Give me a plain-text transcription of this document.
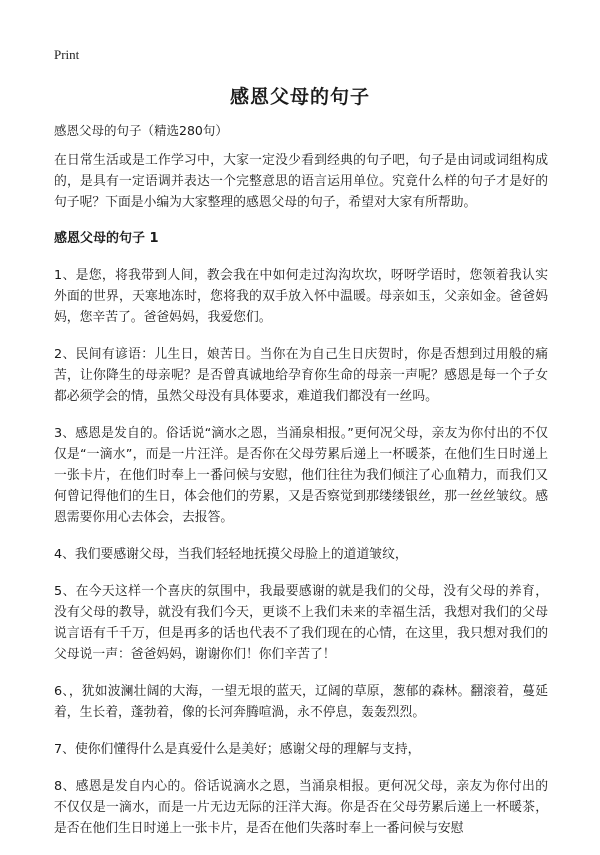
Print
感恩父母的句子

感恩父母的句子（精选280句）

在日常生活或是工作学习中，大家一定没少看到经典的句子吧，句子是由词或词组构成的，是具有一定语调并表达一个完整意思的语言运用单位。究竟什么样的句子才是好的句子呢？下面是小编为大家整理的感恩父母的句子，希望对大家有所帮助。

感恩父母的句子 1

1、是您，将我带到人间，教会我在中如何走过沟沟坎坎，呀呀学语时，您领着我认实外面的世界，天寒地冻时，您将我的双手放入怀中温暖。母亲如玉，父亲如金。爸爸妈妈，您辛苦了。爸爸妈妈，我爱您们。

2、民间有谚语：儿生日，娘苦日。当你在为自己生日庆贺时，你是否想到过用般的痛苦，让你降生的母亲呢？是否曾真诚地给孕育你生命的母亲一声呢？感恩是每一个子女都必须学会的情，虽然父母没有具体要求，难道我们都没有一丝吗。

3、感恩是发自的。俗话说“滴水之恩，当涌泉相报。”更何况父母，亲友为你付出的不仅仅是“一滴水”，而是一片汪洋。是否你在父母劳累后递上一杯暖茶，在他们生日时递上一张卡片，在他们时奉上一番问候与安慰，他们往往为我们倾注了心血精力，而我们又何曾记得他们的生日，体会他们的劳累，又是否察觉到那缕缕银丝，那一丝丝皱纹。感恩需要你用心去体会，去报答。

4、我们要感谢父母，当我们轻轻地抚摸父母脸上的道道皱纹，

5、在今天这样一个喜庆的氛围中，我最要感谢的就是我们的父母，没有父母的养育，没有父母的教导，就没有我们今天，更谈不上我们未来的幸福生活，我想对我们的父母说言语有千千万，但是再多的话也代表不了我们现在的心情，在这里，我只想对我们的父母说一声：爸爸妈妈，谢谢你们！你们辛苦了！

6、，犹如波澜壮阔的大海，一望无垠的蓝天，辽阔的草原，葱郁的森林。翻滚着，蔓延着，生长着，蓬勃着，像的长河奔腾喧渦，永不停息，轰轰烈烈。

7、使你们懂得什么是真爱什么是美好；感谢父母的理解与支持，

8、感恩是发自内心的。俗话说滴水之恩，当涌泉相报。更何况父母，亲友为你付出的不仅仅是一滴水，而是一片无边无际的汪洋大海。你是否在父母劳累后递上一杯暖茶，是否在他们生日时递上一张卡片，是否在他们失落时奉上一番问候与安慰
